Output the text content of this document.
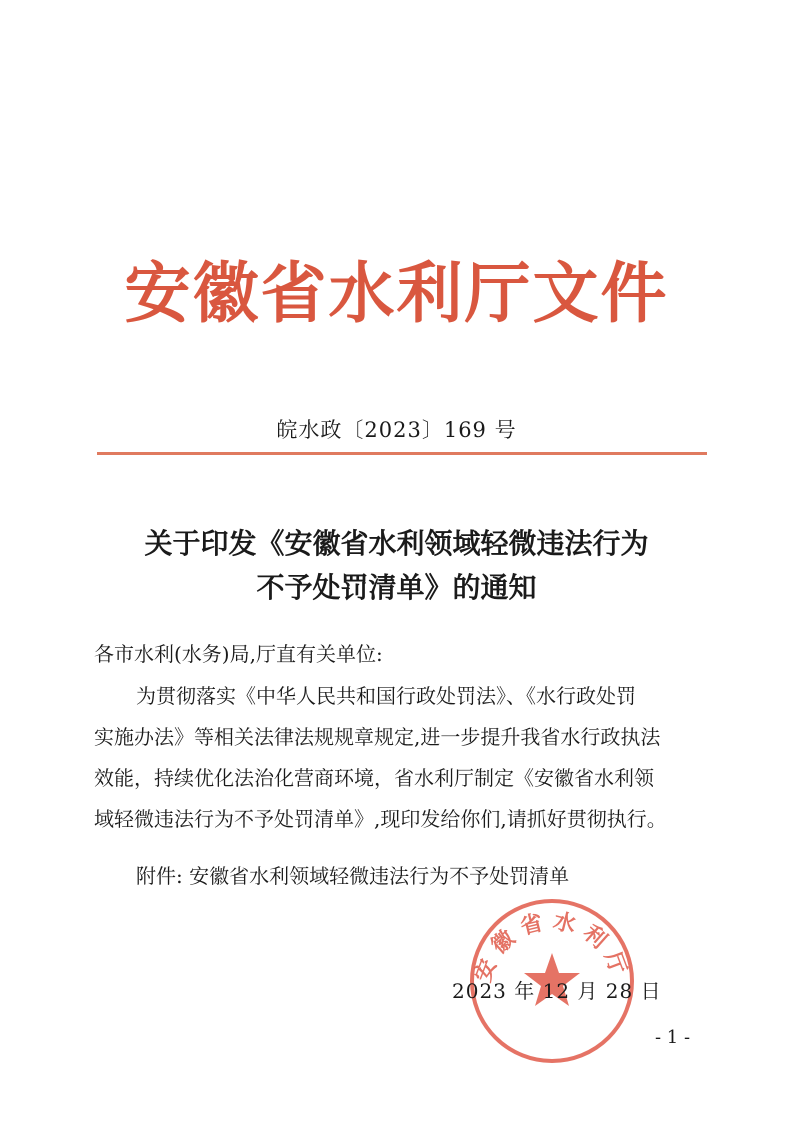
安徽省水利厅文件
皖水政〔2023〕169 号
关于印发《安徽省水利领域轻微违法行为
不予处罚清单》的通知
各市水利(水务)局,厅直有关单位:
为贯彻落实《中华人民共和国行政处罚法》、《水行政处罚
实施办法》等相关法律法规规章规定,进一步提升我省水行政执法
效能，持续优化法治化营商环境，省水利厅制定《安徽省水利领
域轻微违法行为不予处罚清单》,现印发给你们,请抓好贯彻执行。
附件: 安徽省水利领域轻微违法行为不予处罚清单
安徽省水利厅
2023 年 12 月 28 日
- 1 -
